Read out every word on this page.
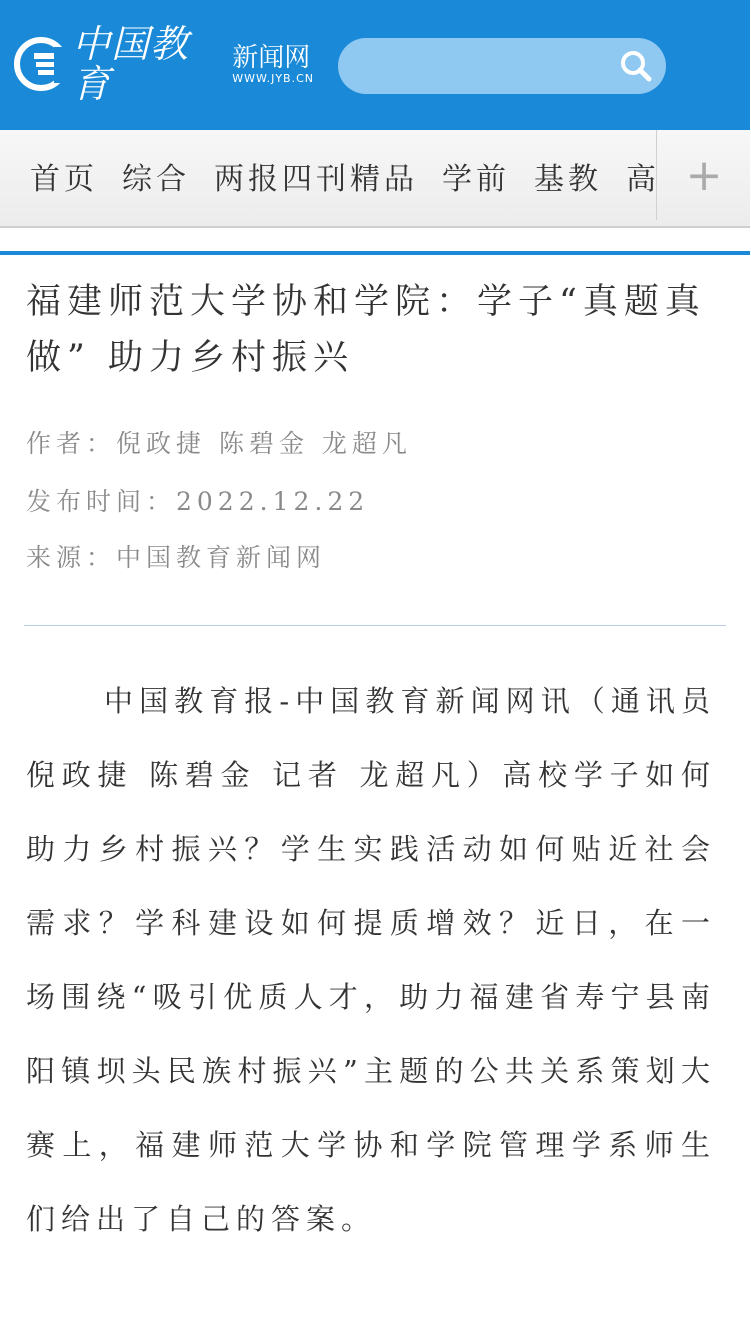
中国教育
新闻网
WWW.JYB.CN
首页 综合 两报四刊精品 学前 基教 高 +
福建师范大学协和学院：学子“真题真做” 助力乡村振兴
作者：倪政捷 陈碧金 龙超凡
发布时间：2022.12.22
来源：中国教育新闻网
中国教育报-中国教育新闻网讯（通讯员 倪政捷 陈碧金 记者 龙超凡）高校学子如何助力乡村振兴？学生实践活动如何贴近社会需求？学科建设如何提质增效？近日，在一场围绕“吸引优质人才，助力福建省寿宁县南阳镇坝头民族村振兴”主题的公共关系策划大赛上，福建师范大学协和学院管理学系师生们给出了自己的答案。
